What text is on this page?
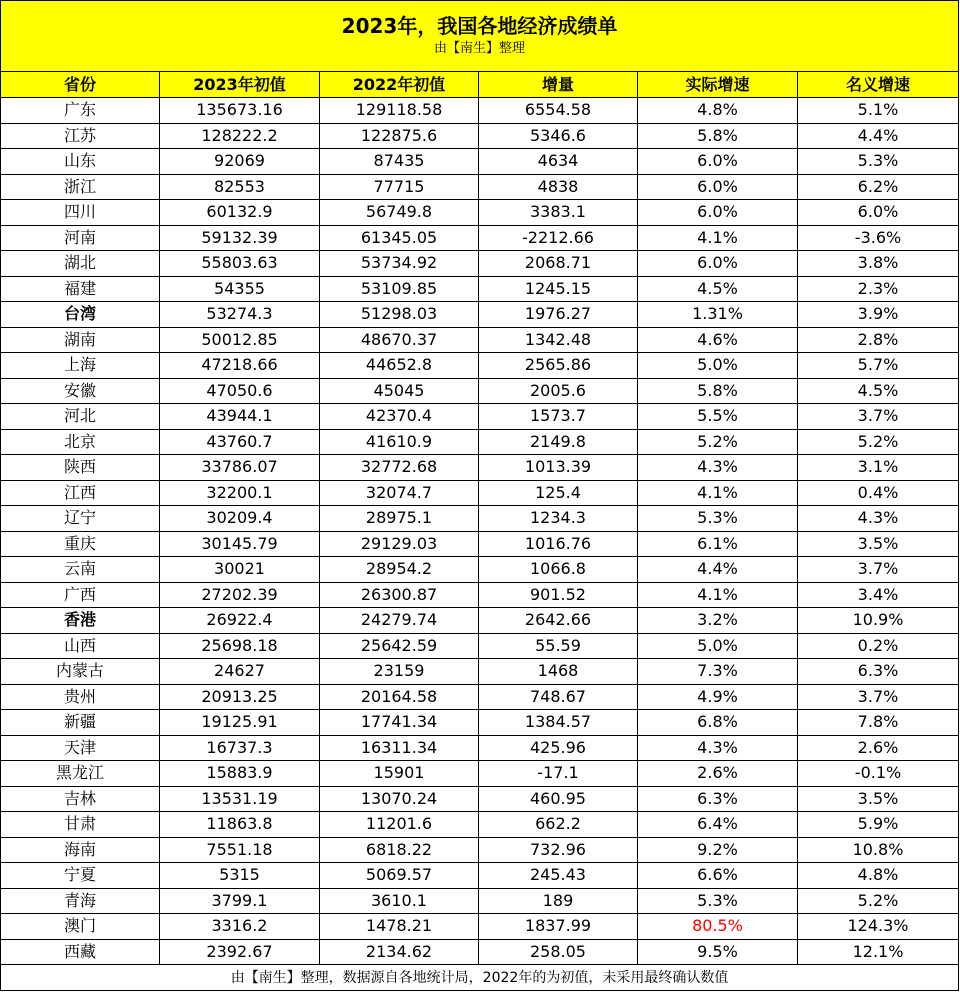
2023年，我国各地经济成绩单
由【南生】整理					

省份	2023年初值	2022年初值	增量	实际增速	名义增速
广东	135673.16	129118.58	6554.58	4.8%	5.1%
江苏	128222.2	122875.6	5346.6	5.8%	4.4%
山东	92069	87435	4634	6.0%	5.3%
浙江	82553	77715	4838	6.0%	6.2%
四川	60132.9	56749.8	3383.1	6.0%	6.0%
河南	59132.39	61345.05	-2212.66	4.1%	-3.6%
湖北	55803.63	53734.92	2068.71	6.0%	3.8%
福建	54355	53109.85	1245.15	4.5%	2.3%
台湾	53274.3	51298.03	1976.27	1.31%	3.9%
湖南	50012.85	48670.37	1342.48	4.6%	2.8%
上海	47218.66	44652.8	2565.86	5.0%	5.7%
安徽	47050.6	45045	2005.6	5.8%	4.5%
河北	43944.1	42370.4	1573.7	5.5%	3.7%
北京	43760.7	41610.9	2149.8	5.2%	5.2%
陕西	33786.07	32772.68	1013.39	4.3%	3.1%
江西	32200.1	32074.7	125.4	4.1%	0.4%
辽宁	30209.4	28975.1	1234.3	5.3%	4.3%
重庆	30145.79	29129.03	1016.76	6.1%	3.5%
云南	30021	28954.2	1066.8	4.4%	3.7%
广西	27202.39	26300.87	901.52	4.1%	3.4%
香港	26922.4	24279.74	2642.66	3.2%	10.9%
山西	25698.18	25642.59	55.59	5.0%	0.2%
内蒙古	24627	23159	1468	7.3%	6.3%
贵州	20913.25	20164.58	748.67	4.9%	3.7%
新疆	19125.91	17741.34	1384.57	6.8%	7.8%
天津	16737.3	16311.34	425.96	4.3%	2.6%
黑龙江	15883.9	15901	-17.1	2.6%	-0.1%
吉林	13531.19	13070.24	460.95	6.3%	3.5%
甘肃	11863.8	11201.6	662.2	6.4%	5.9%
海南	7551.18	6818.22	732.96	9.2%	10.8%
宁夏	5315	5069.57	245.43	6.6%	4.8%
青海	3799.1	3610.1	189	5.3%	5.2%
澳门	3316.2	1478.21	1837.99	80.5%	124.3%
西藏	2392.67	2134.62	258.05	9.5%	12.1%
由【南生】整理，数据源自各地统计局，2022年的为初值，未采用最终确认数值					
